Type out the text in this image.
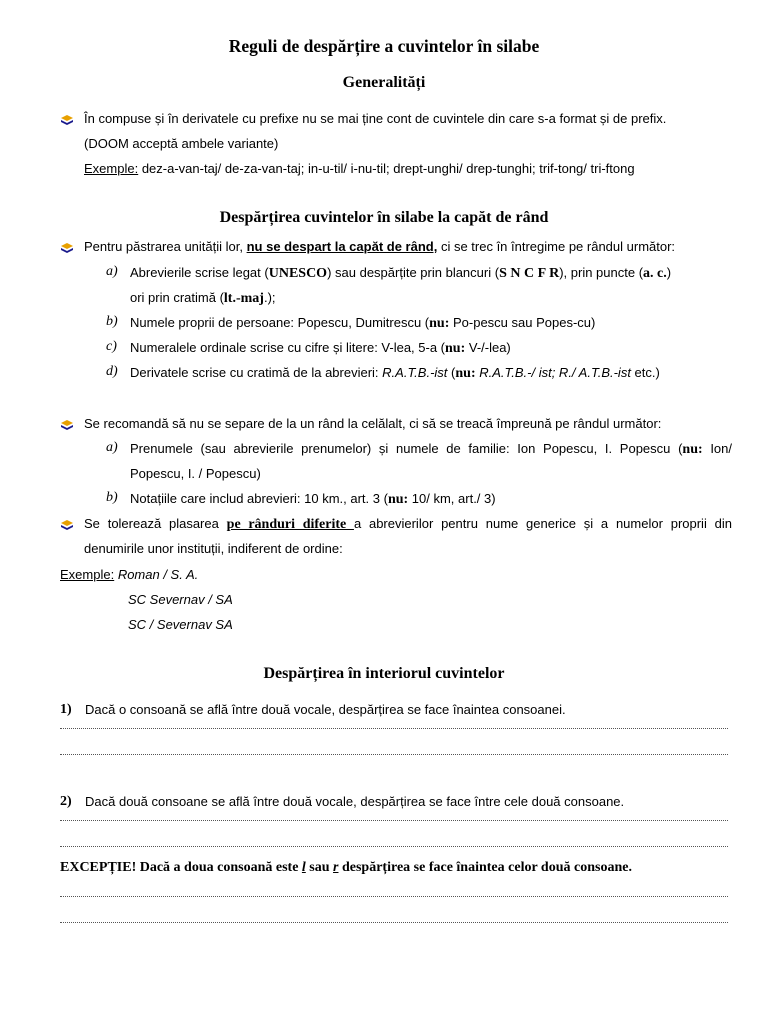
Reguli de despărțire a cuvintelor în silabe
Generalități
În compuse și în derivatele cu prefixe nu se mai ține cont de cuvintele din care s-a format și de prefix.
(DOOM acceptă ambele variante)
Exemple: dez-a-van-taj/ de-za-van-taj; in-u-til/ i-nu-til; drept-unghi/ drep-tunghi; trif-tong/ tri-ftong
Despărțirea cuvintelor în silabe la capăt de rând
Pentru păstrarea unității lor, nu se despart la capăt de rând, ci se trec în întregime pe rândul următor:
a) Abrevierile scrise legat (UNESCO) sau despărțite prin blancuri (S N C F R), prin puncte (a. c.)
ori prin cratimă (lt.-maj.);
b) Numele proprii de persoane: Popescu, Dumitrescu (nu: Po-pescu sau Popes-cu)
c) Numeralele ordinale scrise cu cifre și litere: V-lea, 5-a (nu: V-/-lea)
d) Derivatele scrise cu cratimă de la abrevieri: R.A.T.B.-ist (nu: R.A.T.B.-/ ist; R./ A.T.B.-ist etc.)
Se recomandă să nu se separe de la un rând la celălalt, ci să se treacă împreună pe rândul următor:
a) Prenumele (sau abrevierile prenumelor) și numele de familie: Ion Popescu, I. Popescu (nu: Ion/
Popescu, I. / Popescu)
b) Notațiile care includ abrevieri: 10 km., art. 3 (nu: 10/ km, art./ 3)
Se tolerează plasarea pe rânduri diferite a abrevierilor pentru nume generice și a numelor proprii din
denumirile unor instituții, indiferent de ordine:
Exemple: Roman / S. A.
SC Severnav / SA
SC / Severnav SA
Despărțirea în interiorul cuvintelor
1) Dacă o consoană se află între două vocale, despărțirea se face înaintea consoanei.
2) Dacă două consoane se află între două vocale, despărțirea se face între cele două consoane.
EXCEPȚIE! Dacă a doua consoană este l sau r despărțirea se face înaintea celor două consoane.
